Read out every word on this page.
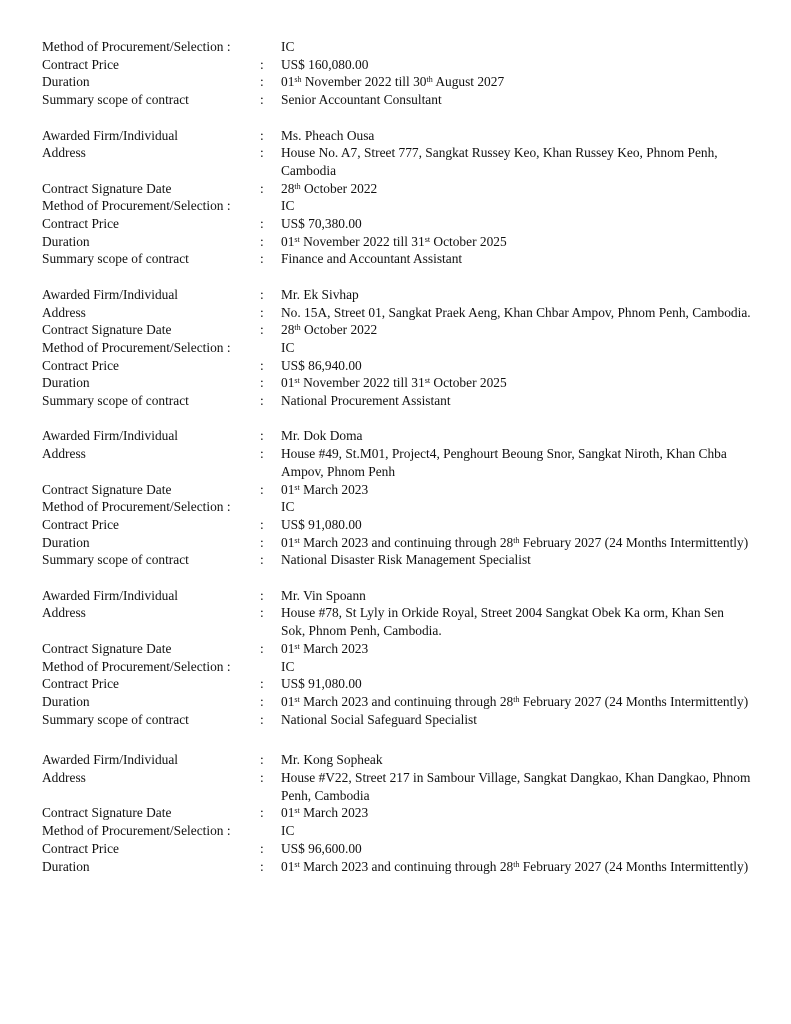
Method of Procurement/Selection :	IC
Contract Price	:	US$ 160,080.00
Duration	:	$01^{sh}$ November 2022 till 30th August 2027
Summary scope of contract	:	Senior Accountant Consultant
Awarded Firm/Individual	:	Ms. Pheach Ousa
Address	:	House No. A7, Street 777, Sangkat Russey Keo, Khan Russey Keo, Phnom Penh, Cambodia
Contract Signature Date	:	28th October 2022
Method of Procurement/Selection :	IC
Contract Price	:	US$ 70,380.00
Duration	:	01st November 2022 till 31st October 2025
Summary scope of contract	:	Finance and Accountant Assistant
Awarded Firm/Individual	:	Mr. Ek Sivhap
Address	:	No. 15A, Street 01, Sangkat Praek Aeng, Khan Chbar Ampov, Phnom Penh, Cambodia.
Contract Signature Date	:	28th October 2022
Method of Procurement/Selection :	IC
Contract Price	:	US$ 86,940.00
Duration	:	01st November 2022 till 31st October 2025
Summary scope of contract	:	National Procurement Assistant
Awarded Firm/Individual	:	Mr. Dok Doma
Address	:	House #49, St.M01, Project4, Penghourt Beoung Snor, Sangkat Niroth, Khan Chba Ampov, Phnom Penh
Contract Signature Date	:	01st March 2023
Method of Procurement/Selection :	IC
Contract Price	:	US$ 91,080.00
Duration	:	01st March 2023 and continuing through 28th February 2027 (24 Months Intermittently)
Summary scope of contract	:	National Disaster Risk Management Specialist
Awarded Firm/Individual	:	Mr. Vin Spoann
Address	:	House #78, St Lyly in Orkide Royal, Street 2004 Sangkat Obek Ka orm, Khan Sen Sok, Phnom Penh, Cambodia.
Contract Signature Date	:	01st March 2023
Method of Procurement/Selection :	IC
Contract Price	:	US$ 91,080.00
Duration	:	01st March 2023 and continuing through 28th February 2027 (24 Months Intermittently)
Summary scope of contract	:	National Social Safeguard Specialist
Awarded Firm/Individual	:	Mr. Kong Sopheak
Address	:	House #V22, Street 217 in Sambour Village, Sangkat Dangkao, Khan Dangkao, Phnom Penh, Cambodia
Contract Signature Date	:	01st March 2023
Method of Procurement/Selection :	IC
Contract Price	:	US$ 96,600.00
Duration	:	01st March 2023 and continuing through 28th February 2027 (24 Months Intermittently)
